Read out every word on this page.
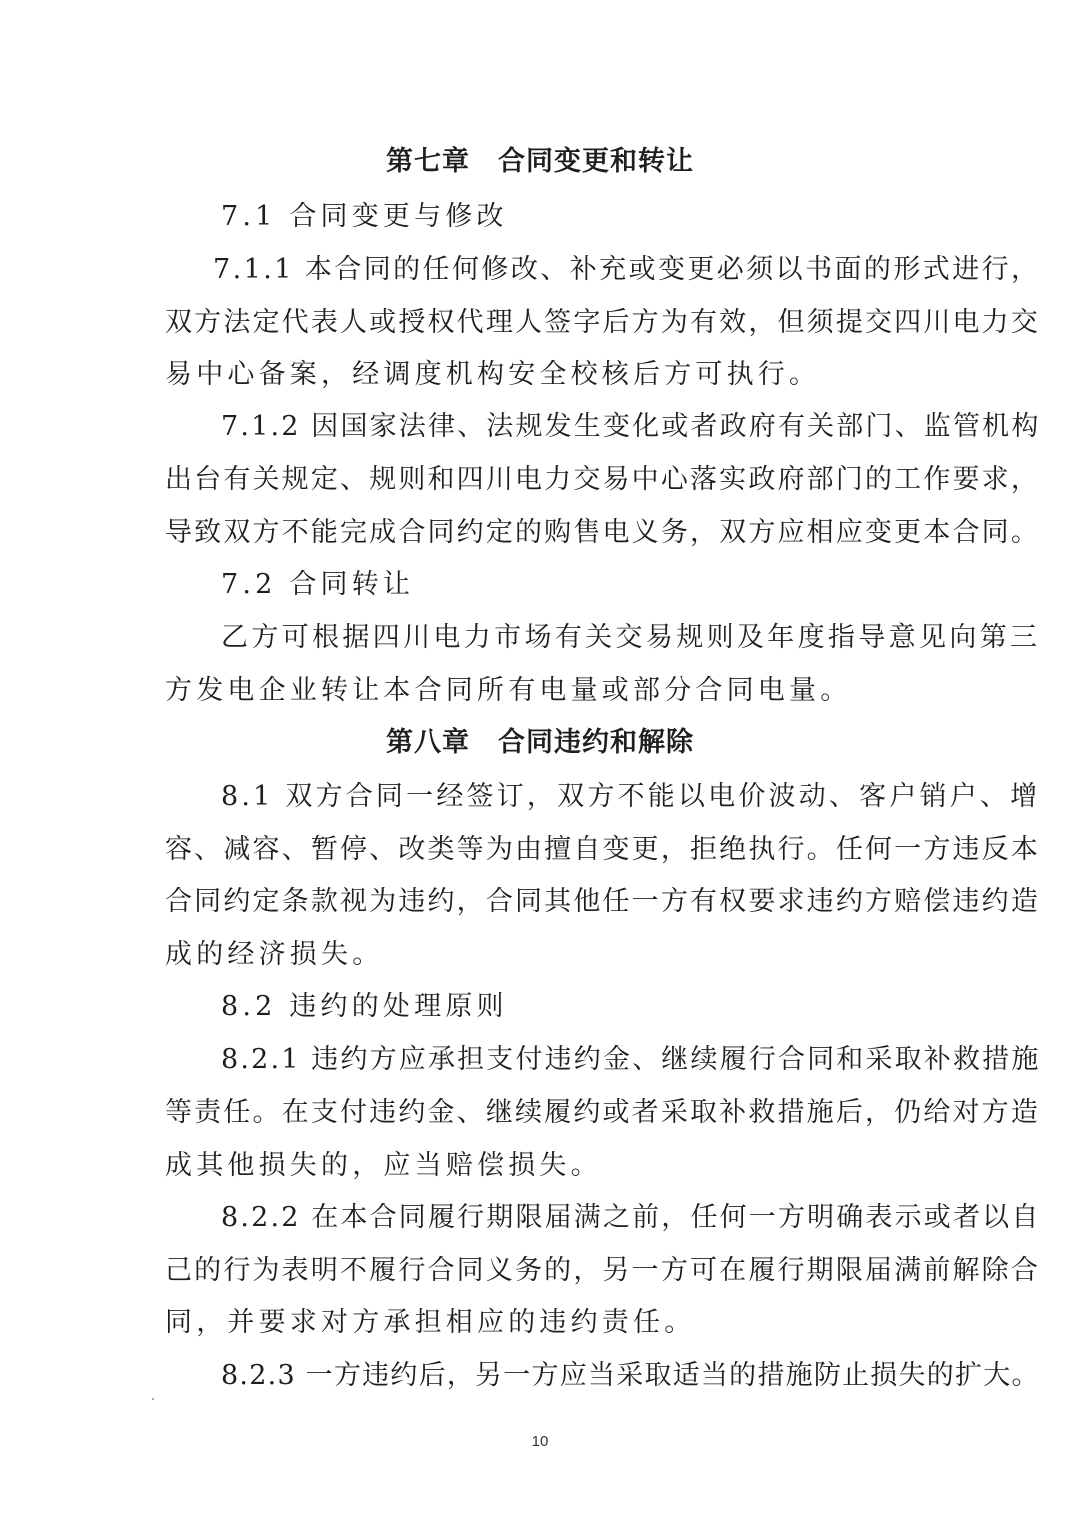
第七章 合同变更和转让
7.1 合同变更与修改
7.1.1 本合同的任何修改、补充或变更必须以书面的形式进行，
双方法定代表人或授权代理人签字后方为有效，但须提交四川电力交
易中心备案，经调度机构安全校核后方可执行。
7.1.2 因国家法律、法规发生变化或者政府有关部门、监管机构
出台有关规定、规则和四川电力交易中心落实政府部门的工作要求，
导致双方不能完成合同约定的购售电义务，双方应相应变更本合同。
7.2 合同转让
乙方可根据四川电力市场有关交易规则及年度指导意见向第三
方发电企业转让本合同所有电量或部分合同电量。
第八章 合同违约和解除
8.1 双方合同一经签订，双方不能以电价波动、客户销户、增
容、减容、暂停、改类等为由擅自变更，拒绝执行。任何一方违反本
合同约定条款视为违约，合同其他任一方有权要求违约方赔偿违约造
成的经济损失。
8.2 违约的处理原则
8.2.1 违约方应承担支付违约金、继续履行合同和采取补救措施
等责任。在支付违约金、继续履约或者采取补救措施后，仍给对方造
成其他损失的，应当赔偿损失。
8.2.2 在本合同履行期限届满之前，任何一方明确表示或者以自
己的行为表明不履行合同义务的，另一方可在履行期限届满前解除合
同，并要求对方承担相应的违约责任。
8.2.3 一方违约后，另一方应当采取适当的措施防止损失的扩大。
10
